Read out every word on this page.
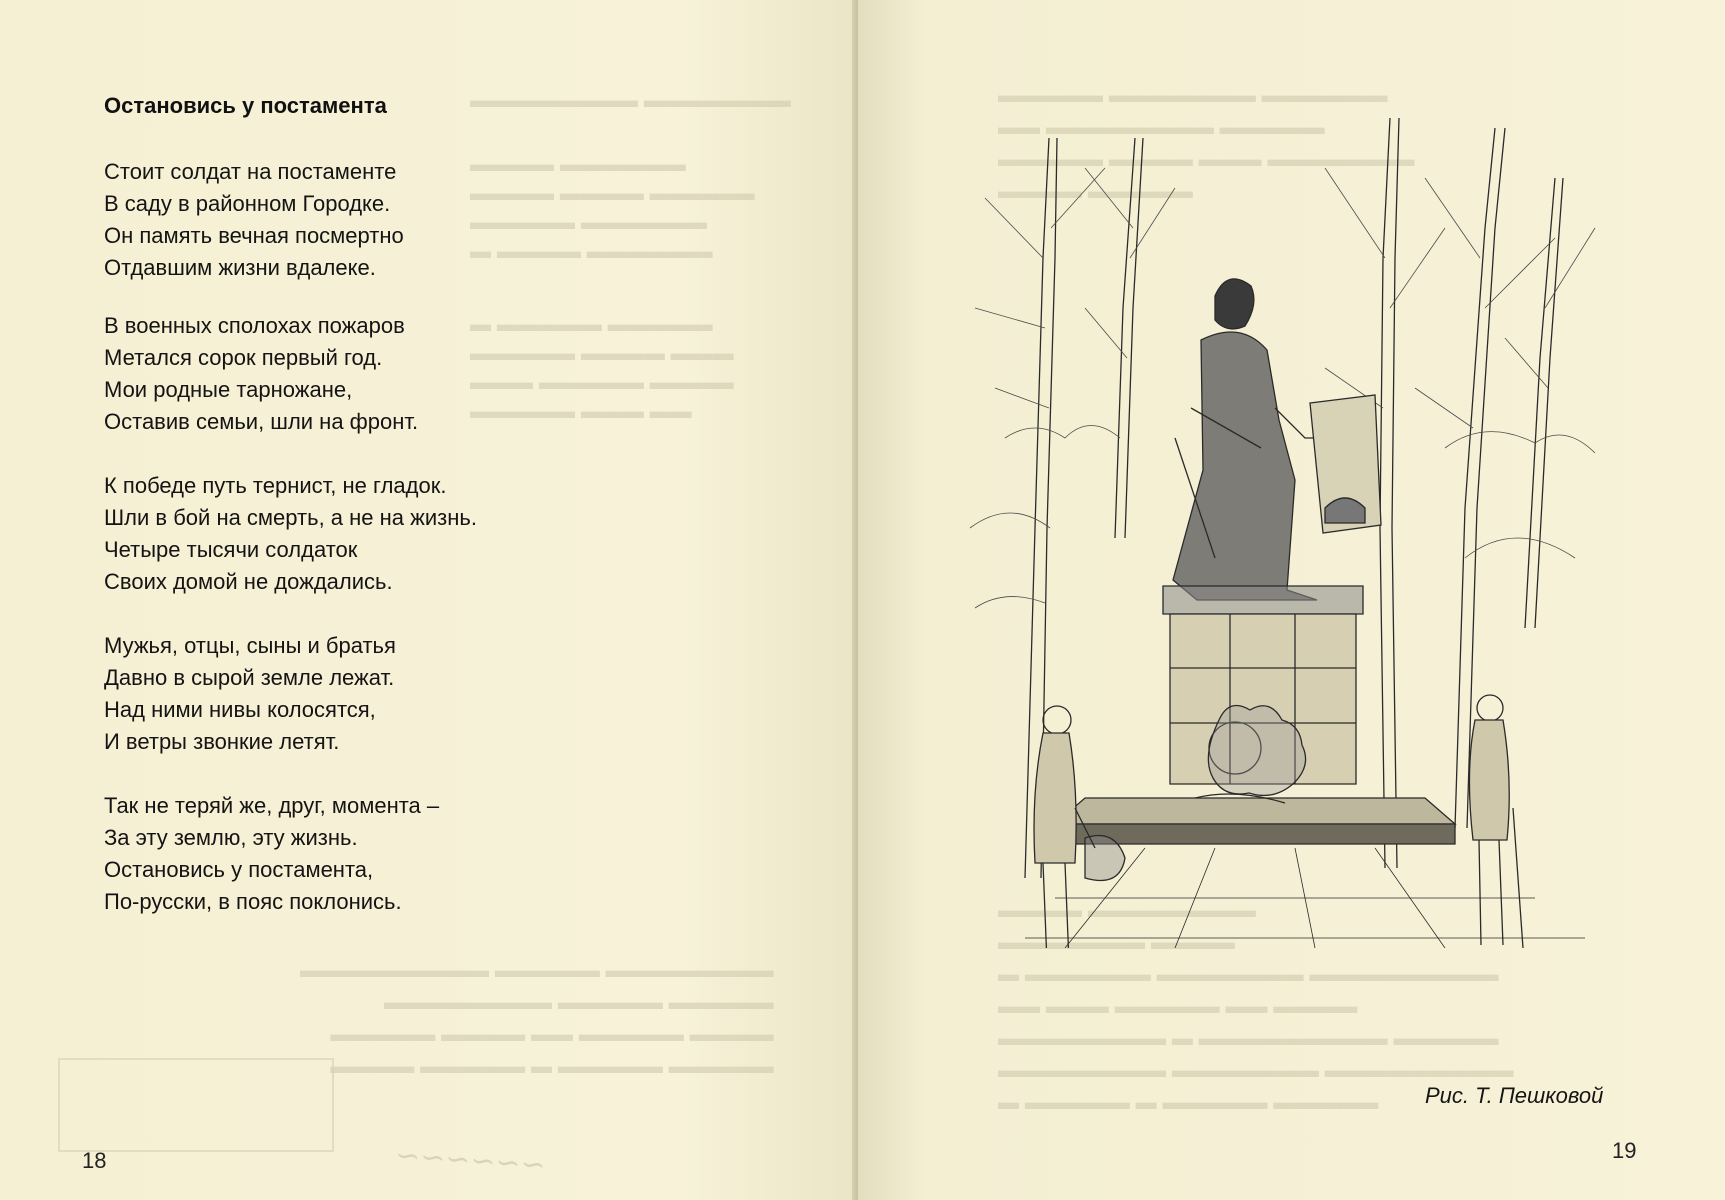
▬▬▬▬▬▬▬▬ ▬▬▬▬▬▬▬
▬▬▬▬ ▬▬▬▬▬▬
▬▬▬▬ ▬▬▬▬ ▬▬▬▬▬
▬▬▬▬▬ ▬▬▬▬▬▬
▬ ▬▬▬▬ ▬▬▬▬▬▬
▬ ▬▬▬▬▬ ▬▬▬▬▬
▬▬▬▬▬ ▬▬▬▬ ▬▬▬
▬▬▬ ▬▬▬▬▬ ▬▬▬▬
▬▬▬▬▬ ▬▬▬ ▬▬
▬▬▬▬▬▬▬▬ ▬▬▬▬▬ ▬▬▬▬▬▬▬▬▬
▬▬▬▬▬ ▬▬▬▬▬ ▬▬▬▬▬▬▬▬
▬▬▬▬ ▬▬▬▬▬ ▬▬ ▬▬▬▬ ▬▬▬▬▬
▬▬▬▬▬ ▬▬▬▬▬ ▬ ▬▬▬▬▬ ▬▬▬▬
~~~~~~
Остановись у постамента
Стоит солдат на постаменте
В саду в районном Городке.
Он память вечная посмертно
Отдавшим жизни вдалеке.
В военных сполохах пожаров
Метался сорок первый год.
Мои родные тарножане,
Оставив семьи, шли на фронт.
К победе путь тернист, не гладок.
Шли в бой на смерть, а не на жизнь.
Четыре тысячи солдаток
Своих домой не дождались.
Мужья, отцы, сыны и братья
Давно в сырой земле лежат.
Над ними нивы колосятся,
И ветры звонкие летят.
Так не теряй же, друг, момента –
За эту землю, эту жизнь.
Остановись у постамента,
По-русски, в пояс поклонись.
18
▬▬▬▬▬ ▬▬▬▬▬▬▬ ▬▬▬▬▬▬
▬▬ ▬▬▬▬▬▬▬▬ ▬▬▬▬▬
▬▬▬▬▬ ▬▬▬▬ ▬▬▬ ▬▬▬▬▬▬▬
▬▬▬▬ ▬▬▬▬▬
▬▬▬▬ ▬▬▬▬▬▬▬▬
▬▬▬▬▬▬▬ ▬▬▬▬
▬ ▬▬▬▬▬▬ ▬▬▬▬▬▬▬ ▬▬▬▬▬▬▬▬▬
▬▬ ▬▬▬ ▬▬▬▬▬ ▬▬ ▬▬▬▬
▬▬▬▬▬▬▬▬ ▬ ▬▬▬▬▬▬▬▬▬ ▬▬▬▬▬
▬▬▬▬▬▬▬▬ ▬▬▬▬▬▬▬ ▬▬▬▬▬▬▬▬▬
▬ ▬▬▬▬▬ ▬ ▬▬▬▬▬ ▬▬▬▬▬	Рис. Т. Пешковой
19
